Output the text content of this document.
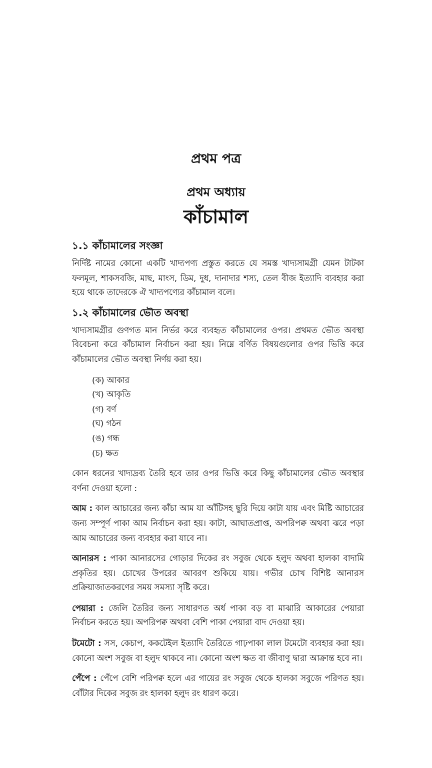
প্রথম পত্র
প্রথম অধ্যায়
কাঁচামাল
১.১ কাঁচামালের সংজ্ঞা

নির্দিষ্ট নামের কোনো একটি খাদ্যপণ্য প্রস্তুত করতে যে সমস্ত খাদ্যসামগ্রী যেমন টাটকা ফলমূল, শাকসবজি, মাছ, মাংস, ডিম, দুধ, দানাদার শস্য, তেল বীজ ইত্যাদি ব্যবহার করা হয়ে থাকে তাদেরকে ঐ খাদ্যপণ্যের কাঁচামাল বলে।

১.২ কাঁচামালের ভৌত অবস্থা

খাদ্যসামগ্রীর গুণগত মান নির্ভর করে ব্যবহৃত কাঁচামালের ওপর। প্রথমত ভৌত অবস্থা বিবেচনা করে কাঁচামাল নির্বাচন করা হয়। নিম্নে বর্ণিত বিষয়গুলোর ওপর ভিত্তি করে কাঁচামালের ভৌত অবস্থা নির্ণয় করা হয়।

(ক) আকার
(খ) আকৃতি
(গ) বর্ণ
(ঘ) গঠন
(ঙ) গন্ধ
(চ) ক্ষত

কোন ধরনের খাদ্যদ্রব্য তৈরি হবে তার ওপর ভিত্তি করে কিছু কাঁচামালের ভৌত অবস্থার বর্ণনা দেওয়া হলো :

আম : কাল আচারের জন্য কাঁচা আম যা আঁটিসহ ছুরি দিয়ে কাটা যায় এবং মিষ্টি আচারের জন্য সম্পূর্ণ পাকা আম নির্বাচন করা হয়। কাটা, আঘাতপ্রাপ্ত, অপরিপক্ব অথবা ঝরে পড়া আম আচারের জন্য ব্যবহার করা যাবে না।

আনারস : পাকা আনারসের গোড়ার দিকের রং সবুজ থেকে হলুদ অথবা হালকা বাদামি প্রকৃতির হয়। চোখের উপরের আবরণ শুকিয়ে যায়। গভীর চোখ বিশিষ্ট আনারস প্রক্রিয়াজাতকরণের সময় সমস্যা সৃষ্টি করে।

পেয়ারা : জেলি তৈরির জন্য সাধারণত অর্ধ পাকা বড় বা মাঝারি আকারের পেয়ারা নির্বাচন করতে হয়। অপরিপক্ব অথবা বেশি পাকা পেয়ারা বাদ দেওয়া হয়।

টমেটো : সস, কেচাপ, ককটেইল ইত্যাদি তৈরিতে গাঢ়পাকা লাল টমেটো ব্যবহার করা হয়। কোনো অংশ সবুজ বা হলুদ থাকবে না। কোনো অংশ ক্ষত বা জীবাণু দ্বারা আক্রান্ত হবে না।

পেঁপে : পেঁপে বেশি পরিপক্ব হলে এর গায়ের রং সবুজ থেকে হালকা সবুজে পরিণত হয়। বোঁটার দিকের সবুজ রং হালকা হলুদ রং ধারণ করে।
